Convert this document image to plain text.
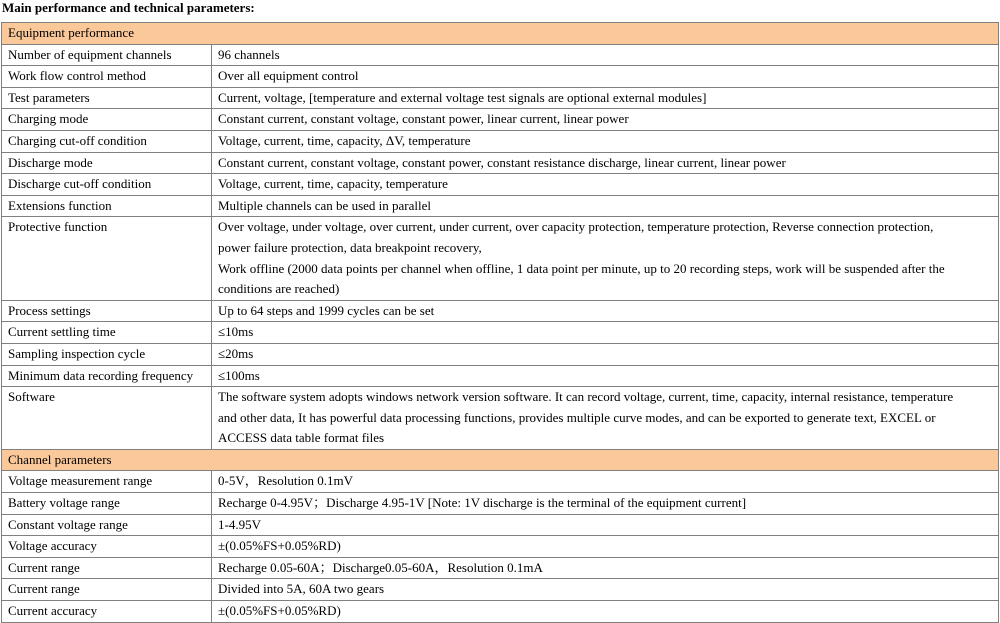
Main performance and technical parameters:
Equipment performance	
Number of equipment channels	96 channels

Work flow control method	Over all equipment control

Test parameters	Current, voltage, [temperature and external voltage test signals are optional external modules]

Charging mode	Constant current, constant voltage, constant power, linear current, linear power

Charging cut-off condition	Voltage, current, time, capacity, ΔV, temperature

Discharge mode	Constant current, constant voltage, constant power, constant resistance discharge, linear current, linear power

Discharge cut-off condition	Voltage, current, time, capacity, temperature

Extensions function	Multiple channels can be used in parallel

Protective function	Over voltage, under voltage, over current, under current, over capacity protection, temperature protection, Reverse connection protection,
power failure protection, data breakpoint recovery,
Work offline (2000 data points per channel when offline, 1 data point per minute, up to 20 recording steps, work will be suspended after the
conditions are reached)

Process settings	Up to 64 steps and 1999 cycles can be set

Current settling time	≤10ms

Sampling inspection cycle	≤20ms

Minimum data recording frequency	≤100ms

Software	The software system adopts windows network version software. It can record voltage, current, time, capacity, internal resistance, temperature
and other data, It has powerful data processing functions, provides multiple curve modes, and can be exported to generate text, EXCEL or
ACCESS data table format files

Channel parameters	
Voltage measurement range	0-5V，Resolution 0.1mV

Battery voltage range	Recharge 0-4.95V；Discharge 4.95-1V [Note: 1V discharge is the terminal of the equipment current]

Constant voltage range	1-4.95V

Voltage accuracy	±(0.05%FS+0.05%RD)

Current range	Recharge 0.05-60A；Discharge0.05-60A，Resolution 0.1mA

Current range	Divided into 5A, 60A two gears

Current accuracy	±(0.05%FS+0.05%RD)
